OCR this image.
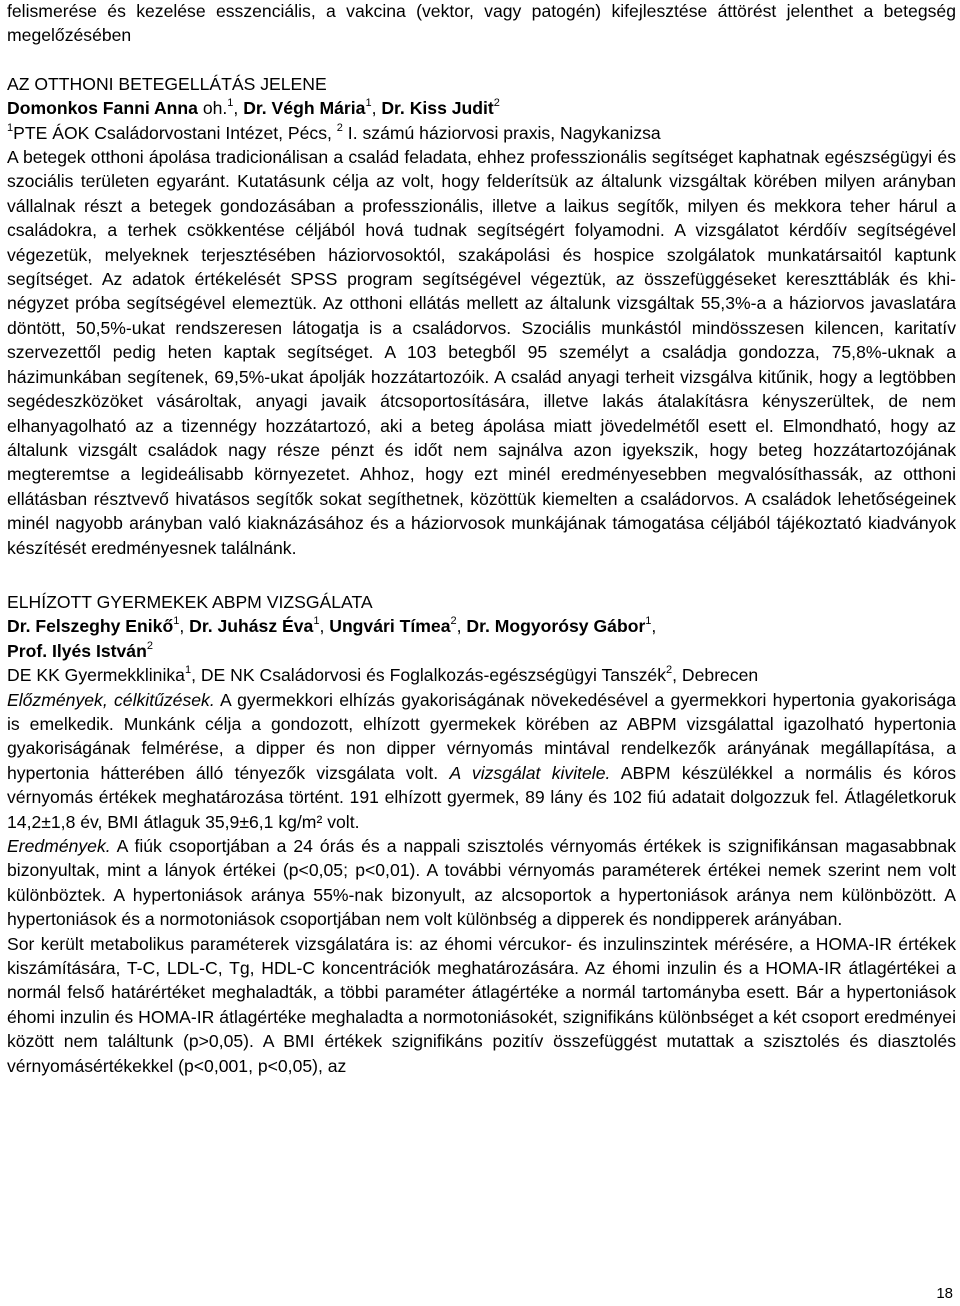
felismerése és kezelése esszenciális, a vakcina (vektor, vagy patogén) kifejlesztése áttörést jelenthet a betegség megelőzésében

AZ OTTHONI BETEGELLÁTÁS JELENE

Domonkos Fanni Anna oh.$^1$, Dr. Végh Mária$^1$, Dr. Kiss Judit$^2$

$^1$PTE ÁOK Családorvostani Intézet, Pécs, $^2$ I. számú háziorvosi praxis, Nagykanizsa

A betegek otthoni ápolása tradicionálisan a család feladata, ehhez professzionális segítséget kaphatnak egészségügyi és szociális területen egyaránt. Kutatásunk célja az volt, hogy felderítsük az általunk vizsgáltak körében milyen arányban vállalnak részt a betegek gondozásában a professzionális, illetve a laikus segítők, milyen és mekkora teher hárul a családokra, a terhek csökkentése céljából hová tudnak segítségért folyamodni. A vizsgálatot kérdőív segítségével végezetük, melyeknek terjesztésében háziorvosoktól, szakápolási és hospice szolgálatok munkatársaitól kaptunk segítséget. Az adatok értékelését SPSS program segítségével végeztük, az összefüggéseket kereszttáblák és khi-négyzet próba segítségével elemeztük. Az otthoni ellátás mellett az általunk vizsgáltak 55,3%-a a háziorvos javaslatára döntött, 50,5%-ukat rendszeresen látogatja is a családorvos. Szociális munkástól mindösszesen kilencen, karitatív szervezettől pedig heten kaptak segítséget. A 103 betegből 95 személyt a családja gondozza, 75,8%-uknak a házimunkában segítenek, 69,5%-ukat ápolják hozzátartozóik. A család anyagi terheit vizsgálva kitűnik, hogy a legtöbben segédeszközöket vásároltak, anyagi javaik átcsoportosítására, illetve lakás átalakításra kényszerültek, de nem elhanyagolható az a tizennégy hozzátartozó, aki a beteg ápolása miatt jövedelmétől esett el. Elmondható, hogy az általunk vizsgált családok nagy része pénzt és időt nem sajnálva azon igyekszik, hogy beteg hozzátartozójának megteremtse a legideálisabb környezetet. Ahhoz, hogy ezt minél eredményesebben megvalósíthassák, az otthoni ellátásban résztvevő hivatásos segítők sokat segíthetnek, közöttük kiemelten a családorvos. A családok lehetőségeinek minél nagyobb arányban való kiaknázásához és a háziorvosok munkájának támogatása céljából tájékoztató kiadványok készítését eredményesnek találnánk.

ELHÍZOTT GYERMEKEK ABPM VIZSGÁLATA

Dr. Felszeghy Enikő$^1$, Dr. Juhász Éva$^1$, Ungvári Tímea$^2$, Dr. Mogyorósy Gábor$^1$,

Prof. Ilyés István$^2$

DE KK Gyermekklinika$^1$, DE NK Családorvosi és Foglalkozás-egészségügyi Tanszék$^2$, Debrecen

Előzmények, célkitűzések. A gyermekkori elhízás gyakoriságának növekedésével a gyermekkori hypertonia gyakorisága is emelkedik. Munkánk célja a gondozott, elhízott gyermekek körében az ABPM vizsgálattal igazolható hypertonia gyakoriságának felmérése, a dipper és non dipper vérnyomás mintával rendelkezők arányának megállapítása, a hypertonia hátterében álló tényezők vizsgálata volt. A vizsgálat kivitele. ABPM készülékkel a normális és kóros vérnyomás értékek meghatározása történt. 191 elhízott gyermek, 89 lány és 102 fiú adatait dolgozzuk fel. Átlagéletkoruk 14,2±1,8 év, BMI átlaguk 35,9±6,1 kg/m² volt.

Eredmények. A fiúk csoportjában a 24 órás és a nappali szisztolés vérnyomás értékek is szignifikánsan magasabbnak bizonyultak, mint a lányok értékei (p<0,05; p<0,01). A további vérnyomás paraméterek értékei nemek szerint nem volt különböztek. A hypertoniások aránya 55%-nak bizonyult, az alcsoportok a hypertoniások aránya nem különbözött. A hypertoniások és a normotoniások csoportjában nem volt különbség a dipperek és nondipperek arányában.

Sor került metabolikus paraméterek vizsgálatára is: az éhomi vércukor- és inzulinszintek mérésére, a HOMA-IR értékek kiszámítására, T-C, LDL-C, Tg, HDL-C koncentrációk meghatározására. Az éhomi inzulin és a HOMA-IR átlagértékei a normál felső határértéket meghaladták, a többi paraméter átlagértéke a normál tartományba esett. Bár a hypertoniások éhomi inzulin és HOMA-IR átlagértéke meghaladta a normotoniásokét, szignifikáns különbséget a két csoport eredményei között nem találtunk (p>0,05). A BMI értékek szignifikáns pozitív összefüggést mutattak a szisztolés és diasztolés vérnyomásértékekkel (p<0,001, p<0,05), az

18
